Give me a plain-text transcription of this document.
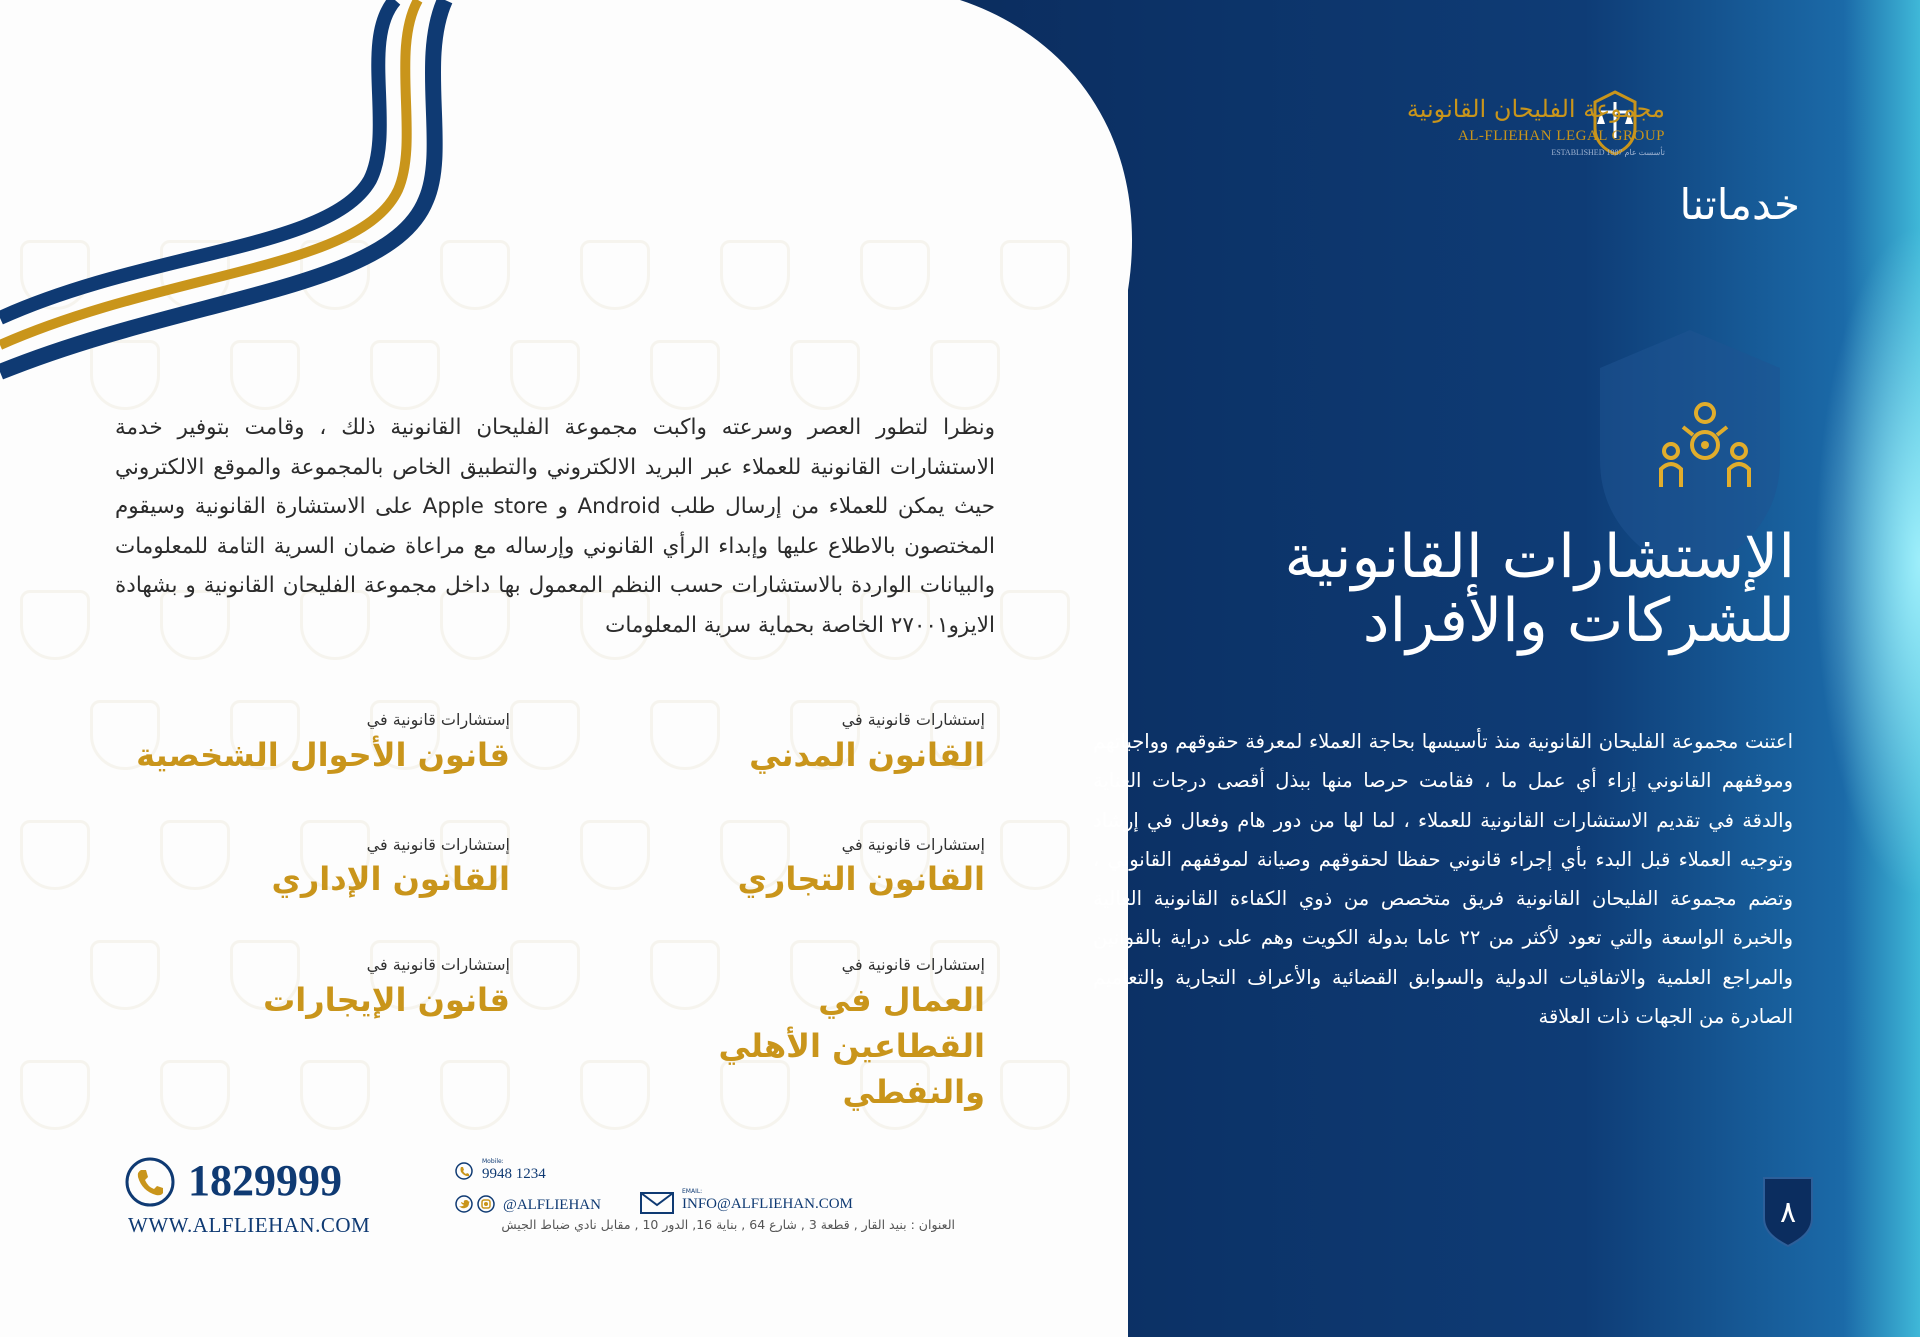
مجموعة الفليحان القانونية
AL-FLIEHAN LEGAL GROUP
ESTABLISHED 1987 تأسست عام
خدماتنا
الإستشارات القانونية
للشركات والأفراد
اعتنت مجموعة الفليحان القانونية منذ تأسيسها بحاجة العملاء لمعرفة حقوقهم وواجباتهم وموقفهم القانوني إزاء أي عمل ما ، فقامت حرصا منها ببذل أقصى درجات العناية والدقة في تقديم الاستشارات القانونية للعملاء ، لما لها من دور هام وفعال في إرشاد وتوجيه العملاء قبل البدء بأي إجراء قانوني حفظا لحقوقهم وصيانة لموقفهم القانوني ، وتضم مجموعة الفليحان القانونية فريق متخصص من ذوي الكفاءة القانونية العالية والخبرة الواسعة والتي تعود لأكثر من ٢٢ عاما بدولة الكويت وهم على دراية بالقوانين والمراجع العلمية والاتفاقيات الدولية والسوابق القضائية والأعراف التجارية والتعاميم الصادرة من الجهات ذات العلاقة
٨
ونظرا لتطور العصر وسرعته واكبت مجموعة الفليحان القانونية ذلك ، وقامت بتوفير خدمة الاستشارات القانونية للعملاء عبر البريد الالكتروني والتطبيق الخاص بالمجموعة والموقع الالكتروني حيث يمكن للعملاء من إرسال طلب Android و Apple store على الاستشارة القانونية وسيقوم المختصون بالاطلاع عليها وإبداء الرأي القانوني وإرساله مع مراعاة ضمان السرية التامة للمعلومات والبيانات الواردة بالاستشارات حسب النظم المعمول بها داخل مجموعة الفليحان القانونية و بشهادة الايزو٢٧٠٠١ الخاصة بحماية سرية المعلومات
إستشارات قانونية في
القانون المدني
إستشارات قانونية في
قانون الأحوال الشخصية
إستشارات قانونية في
القانون التجاري
إستشارات قانونية في
القانون الإداري
إستشارات قانونية في
العمال في القطاعين الأهلي والنفطي
إستشارات قانونية في
قانون الإيجارات
1829999
WWW.ALFLIEHAN.COM
Mobile:
9948 1234
@ALFLIEHAN
EMAIL:
INFO@ALFLIEHAN.COM
العنوان : بنيد القار , قطعة 3 , شارع 64 , بناية 16, الدور 10 , مقابل نادي ضباط الجيش
